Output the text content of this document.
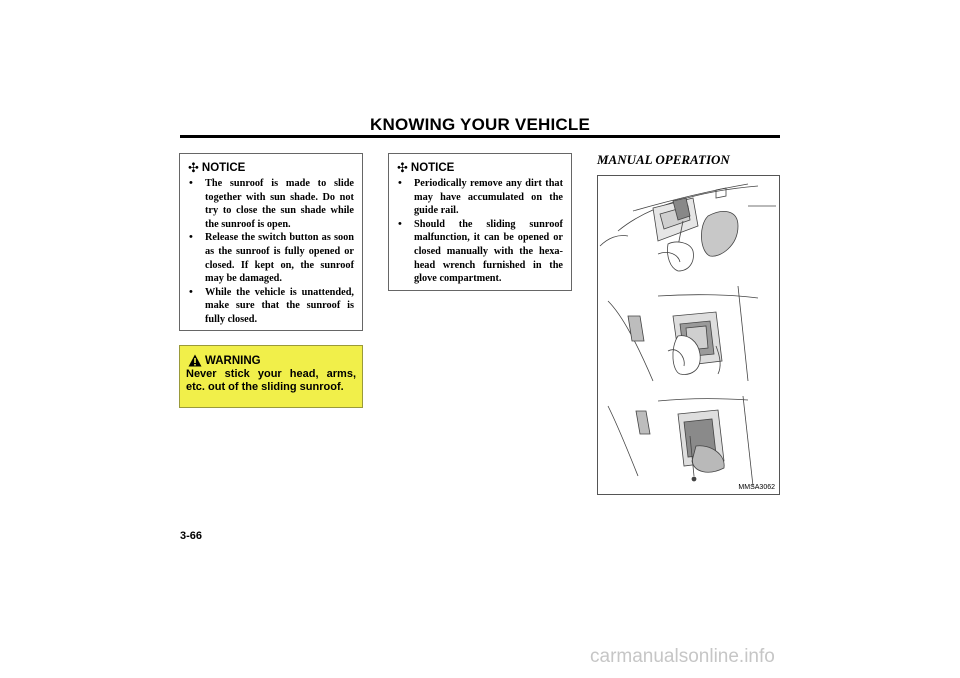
KNOWING YOUR VEHICLE
✣ NOTICE
• The sunroof is made to slide together with sun shade. Do not try to close the sun shade while the sunroof is open.
• Release the switch button as soon as the sunroof is fully opened or closed. If kept on, the sunroof may be damaged.
• While the vehicle is unattended, make sure that the sunroof is fully closed.
WARNING
Never stick your head, arms, etc. out of the sliding sunroof.
✣ NOTICE
• Periodically remove any dirt that may have accumulated on the guide rail.
• Should the sliding sunroof malfunction, it can be opened or closed manually with the hexa-head wrench furnished in the glove compartment.
MANUAL OPERATION
MMSA3062
3-66
carmanualsonline.info
